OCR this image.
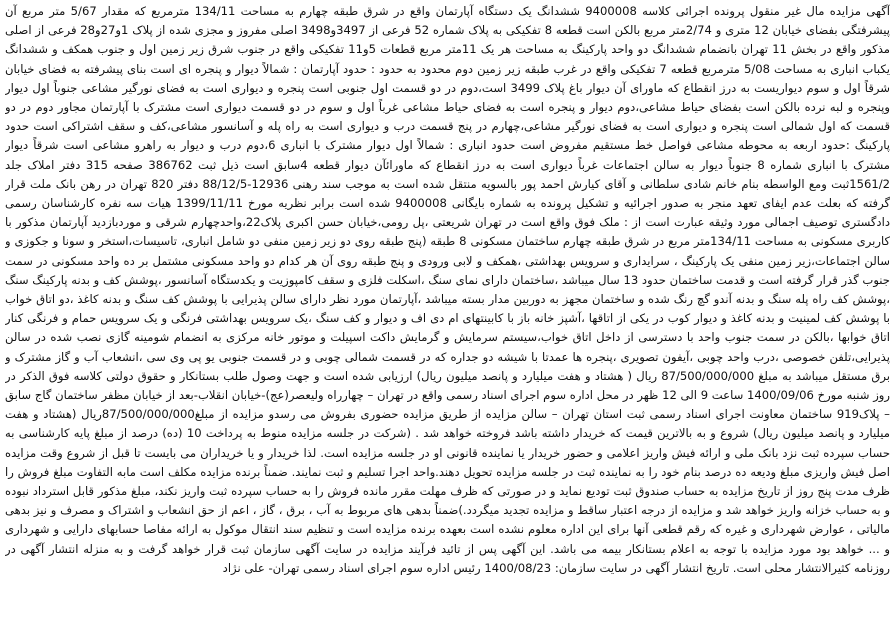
آگهی مزایده مال غیر منقول پرونده اجرائی کلاسه 9400008 ششدانگ یک دستگاه آپارتمان واقع در شرق طبقه چهارم به مساحت 134/11 مترمربع که مقدار 5/67 متر مربع آن پیشرفتگی بفضای خیابان 12 متری و 2/74متر مربع بالکن است قطعه 8 تفکیکی به پلاک شماره 52 فرعی از 3497و3498 اصلی مفروز و مجزی شده از پلاک 1و27و28 فرعی از اصلی مذکور واقع در بخش 11 تهران بانضمام ششدانگ دو واحد پارکینگ به مساحت هر یک 11متر مربع قطعات 5و11 تفکیکی واقع در جنوب شرق زیر زمین اول و جنوب همکف و ششدانگ یکباب انباری به مساحت 5/08 مترمربع قطعه 7 تفکیکی واقع در غرب طبقه زیر زمین دوم محدود به حدود : حدود آپارتمان : شمالاً دیوار و پنجره ای است بنای پیشرفته به فضای خیابان شرقاً اول و سوم دیواریست به درز انقطاع که ماورای آن دیوار باغ پلاک 3499 است،دوم در دو قسمت اول جنوبی است پنجره و دیواری است به فضای نورگیر مشاعی جنوباً اول دیوار وپنجره و لبه نرده بالکن است بفضای حیاط مشاعی،دوم دیوار و پنجره است به فضای حیاط مشاعی غرباً اول و سوم در دو قسمت دیواری است مشترک با آپارتمان مجاور دوم در دو قسمت که اول شمالی است پنجره و دیواری است به فضای نورگیر مشاعی،چهارم در پنج قسمت درب و دیواری است به راه پله و آسانسور مشاعی،کف و سقف اشتراکی است حدود پارکینگ :حدود اربعه به محوطه مشاعی فواصل خط مستقیم مفروض است حدود انباری : شمالاً اول دیوار مشترک با انباری 6،دوم درب و دیوار به راهرو مشاعی است شرقاً دیوار مشترک با انباری شماره 8 جنوباً دیوار به سالن اجتماعات غرباً دیواری است به درز انقطاع که ماورائآن دیوار قطعه 4سابق است ذیل ثبت 386762 صفحه 315 دفتر املاک جلد 1561/2ثبت ومع الواسطه بنام خانم شادی سلطانی و آقای کیارش احمد پور بالسویه منتقل شده است به موجب سند رهنی 12936-88/12/5 دفتر 820 تهران در رهن بانک ملت قرار گرفته که بعلت عدم ایفای تعهد منجر به صدور اجرائیه و تشکیل پرونده به شماره بایگانی 9400008 شده است برابر نظریه مورخ 1399/11/11 هیات سه نفره کارشناسان رسمی دادگستری توصیف اجمالی مورد وثیقه عبارت است از : ملک فوق واقع است در تهران شریعتی ،پل رومی،خیابان حسن اکبری پلاک22،واحدچهارم شرقی و موردبازدید آپارتمان مذکور با کاربری مسکونی به مساحت 134/11متر مربع در شرق طبقه چهارم ساختمان مسکونی 8 طبقه (پنج طبقه روی دو زیر زمین منفی دو شامل انباری، تاسیسات،استخر و سونا و جکوزی و سالن اجتماعات،زیر زمین منفی یک پارکینگ ، سرایداری و سرویس بهداشتی ،همکف و لابی ورودی و پنج طبقه روی آن هر کدام دو واحد مسکونی مشتمل بر ده واحد مسکونی در سمت جنوب گذر قرار گرفته است و قدمت ساختمان حدود 13 سال میباشد ،ساختمان دارای نمای سنگ ،اسکلت فلزی و سقف کامپوزیت و یکدستگاه آسانسور ،پوشش کف و بدنه پارکینگ سنگ ،پوشش کف راه پله سنگ و بدنه آندو گچ رنگ شده و ساختمان مجهز به دوربین مدار بسته میباشد ،آپارتمان مورد نظر دارای سالن پذیرایی با پوشش کف سنگ و بدنه کاغذ ،دو اتاق خواب با پوشش کف لمینیت و بدنه کاغذ و دیوار کوب در یکی از اتاقها ،آشپز خانه باز با کابینتهای ام دی اف و دیوار و کف سنگ ،یک سرویس بهداشتی فرنگی و یک سرویس حمام و فرنگی کنار اتاق خوابها ،بالکن در سمت جنوب واحد با دسترسی از داخل اتاق خواب،سیستم سرمایش و گرمایش داکت اسپیلت و موتور خانه مرکزی به انضمام شومینه گازی نصب شده در سالن پذیرایی،تلفن خصوصی ،درب واحد چوبی ،آیفون تصویری ،پنجره ها عمدتا با شیشه دو جداره که در قسمت شمالی چوبی و در قسمت جنوبی یو پی وی سی ،انشعاب آب و گاز مشترک و برق مستقل میباشد به مبلغ 87/500/000/000 ریال ( هشتاد و هفت میلیارد و پانصد میلیون ریال) ارزیابی شده است و جهت وصول طلب بستانکار و حقوق دولتی کلاسه فوق الذکر در روز شنبه مورخ 1400/09/06 ساعت 9 الی 12 ظهر در محل اداره سوم اجرای اسناد رسمی واقع در تهران – چهارراه ولیعصر(عج)-خیابان انقلاب-بعد از خیابان مظفر ساختمان گاج سابق – پلاک919 ساختمان معاونت اجرای اسناد رسمی ثبت استان تهران – سالن مزایده از طریق مزایده حضوری بفروش می رسدو مزایده از مبلغ87/500/000/000ریال (هشتاد و هفت میلیارد و پانصد میلیون ریال) شروع و به بالاترین قیمت که خریدار داشته باشد فروخته خواهد شد . (شرکت در جلسه مزایده منوط به پرداخت 10 (ده) درصد از مبلغ پایه کارشناسی به حساب سپرده ثبت نزد بانک ملی و ارائه فیش واریز اعلامی و حضور خریدار یا نماینده قانونی او در جلسه مزایده است. لذا خریدار و یا خریداران می بایست تا قبل از شروع وقت مزایده اصل فیش واریزی مبلغ ودیعه ده درصد بنام خود را به نماینده ثبت در جلسه مزایده تحویل دهند.واحد اجرا تسلیم و ثبت نمایند. ضمناً برنده مزایده مکلف است مابه التفاوت مبلغ فروش را ظرف مدت پنج روز از تاریخ مزایده به حساب صندوق ثبت تودیع نماید و در صورتی که ظرف مهلت مقرر مانده فروش را به حساب سپرده ثبت واریز نکند، مبلغ مذکور قابل استرداد نبوده و به حساب خزانه واریز خواهد شد و مزایده از درجه اعتبار ساقط و مزایده تجدید میگردد.)ضمناً بدهی های مربوط به آب ، برق ، گاز ، اعم از حق انشعاب و اشتراک و مصرف و نیز بدهی مالیاتی ، عوارض شهرداری و غیره که رقم قطعی آنها برای این اداره معلوم نشده است بعهده برنده مزایده است و تنظیم سند انتقال موکول به ارائه مفاصا حسابهای دارایی و شهرداری و ... خواهد بود مورد مزایده با توجه به اعلام بستانکار بیمه می باشد. این آگهی پس از تائید فرآیند مزایده در سایت آگهی سازمان ثبت قرار خواهد گرفت و به منزله انتشار آگهی در روزنامه کثیرالانتشار محلی است. تاریخ انتشار آگهی در سایت سازمان: 1400/08/23 رئیس اداره سوم اجرای اسناد رسمی تهران- علی نژاد
